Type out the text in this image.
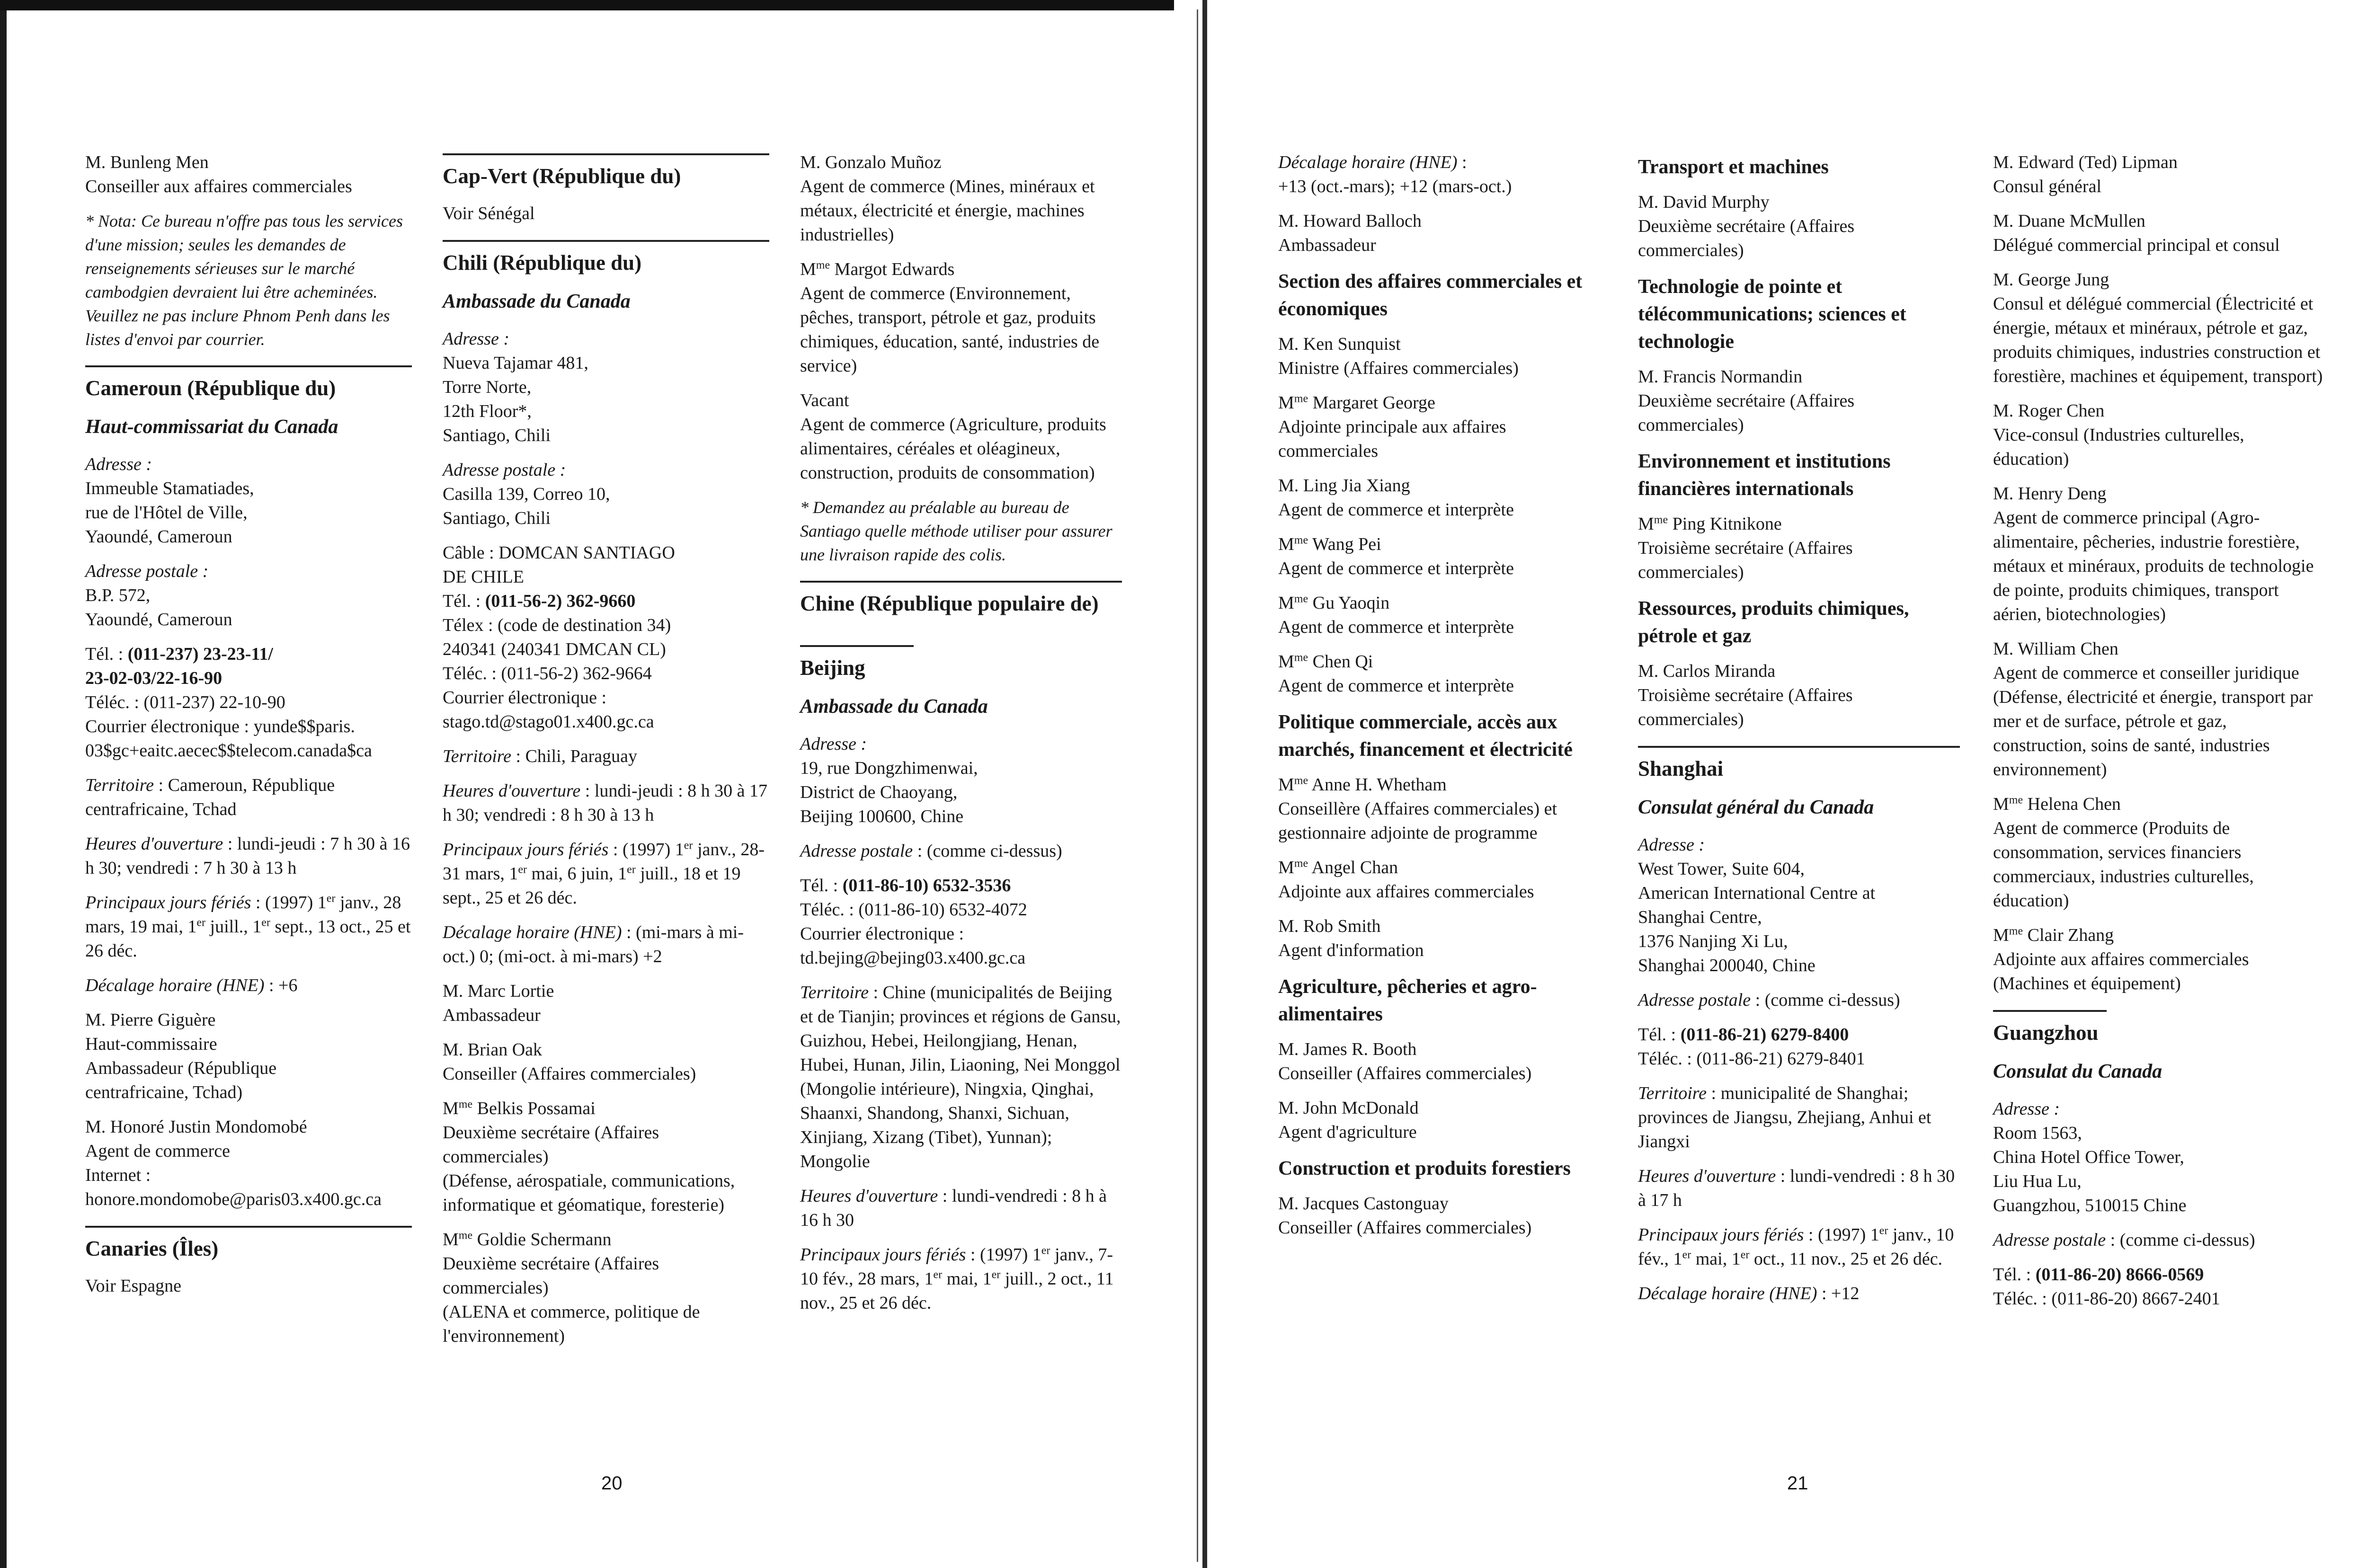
M. Bunleng Men
Conseiller aux affaires commerciales

* Nota: Ce bureau n'offre pas tous les services d'une mission; seules les demandes de renseignements sérieuses sur le marché cambodgien devraient lui être acheminées. Veuillez ne pas inclure Phnom Penh dans les listes d'envoi par courrier.

Cameroun (République du)
Haut-commissariat du Canada

Adresse :
Immeuble Stamatiades,
rue de l'Hôtel de Ville,
Yaoundé, Cameroun

Adresse postale :
B.P. 572,
Yaoundé, Cameroun

Tél. : (011-237) 23-23-11/
23-02-03/22-16-90
Téléc. : (011-237) 22-10-90
Courrier électronique : yunde$$paris.
03$gc+eaitc.aecec$$telecom.canada$ca

Territoire : Cameroun, République centrafricaine, Tchad

Heures d'ouverture : lundi-jeudi : 7 h 30 à 16 h 30; vendredi : 7 h 30 à 13 h

Principaux jours fériés : (1997) 1er janv., 28 mars, 19 mai, 1er juill., 1er sept., 13 oct., 25 et 26 déc.

Décalage horaire (HNE) : +6

M. Pierre Giguère
Haut-commissaire
Ambassadeur (République
centrafricaine, Tchad)

M. Honoré Justin Mondomobé
Agent de commerce
Internet :
honore.mondomobe@paris03.x400.gc.ca

Canaries (Îles)

Voir Espagne

Cap-Vert (République du)

Voir Sénégal

Chili (République du)
Ambassade du Canada

Adresse :
Nueva Tajamar 481,
Torre Norte,
12th Floor*,
Santiago, Chili

Adresse postale :
Casilla 139, Correo 10,
Santiago, Chili

Câble : DOMCAN SANTIAGO
DE CHILE
Tél. : (011-56-2) 362-9660
Télex : (code de destination 34)
240341 (240341 DMCAN CL)
Téléc. : (011-56-2) 362-9664
Courrier électronique :
stago.td@stago01.x400.gc.ca

Territoire : Chili, Paraguay

Heures d'ouverture : lundi-jeudi : 8 h 30 à 17 h 30; vendredi : 8 h 30 à 13 h

Principaux jours fériés : (1997) 1er janv., 28-31 mars, 1er mai, 6 juin, 1er juill., 18 et 19 sept., 25 et 26 déc.

Décalage horaire (HNE) : (mi-mars à mi-oct.) 0; (mi-oct. à mi-mars) +2

M. Marc Lortie
Ambassadeur

M. Brian Oak
Conseiller (Affaires commerciales)

$M^{me}$ Belkis Possamai
Deuxième secrétaire (Affaires commerciales)
(Défense, aérospatiale, communications, informatique et géomatique, foresterie)

$M^{me}$ Goldie Schermann
Deuxième secrétaire (Affaires commerciales)
(ALENA et commerce, politique de l'environnement)

M. Gonzalo Muñoz
Agent de commerce (Mines, minéraux et métaux, électricité et énergie, machines industrielles)

$M^{me}$ Margot Edwards
Agent de commerce (Environnement, pêches, transport, pétrole et gaz, produits chimiques, éducation, santé, industries de service)

Vacant
Agent de commerce (Agriculture, produits alimentaires, céréales et oléagineux, construction, produits de consommation)

* Demandez au préalable au bureau de Santiago quelle méthode utiliser pour assurer une livraison rapide des colis.

Chine (République populaire de)
Beijing
Ambassade du Canada

Adresse :
19, rue Dongzhimenwai,
District de Chaoyang,
Beijing 100600, Chine

Adresse postale : (comme ci-dessus)

Tél. : (011-86-10) 6532-3536
Téléc. : (011-86-10) 6532-4072
Courrier électronique :
td.bejing@bejing03.x400.gc.ca

Territoire : Chine (municipalités de Beijing et de Tianjin; provinces et régions de Gansu, Guizhou, Hebei, Heilongjiang, Henan, Hubei, Hunan, Jilin, Liaoning, Nei Monggol (Mongolie intérieure), Ningxia, Qinghai, Shaanxi, Shandong, Shanxi, Sichuan, Xinjiang, Xizang (Tibet), Yunnan); Mongolie

Heures d'ouverture : lundi-vendredi : 8 h à 16 h 30

Principaux jours fériés : (1997) 1er janv., 7-10 fév., 28 mars, 1er mai, 1er juill., 2 oct., 11 nov., 25 et 26 déc.

Décalage horaire (HNE) :
+13 (oct.-mars); +12 (mars-oct.)

M. Howard Balloch
Ambassadeur

Section des affaires commerciales et économiques

M. Ken Sunquist
Ministre (Affaires commerciales)

$M^{me}$ Margaret George
Adjointe principale aux affaires commerciales

M. Ling Jia Xiang
Agent de commerce et interprète

$M^{me}$ Wang Pei
Agent de commerce et interprète

$M^{me}$ Gu Yaoqin
Agent de commerce et interprète

$M^{me}$ Chen Qi
Agent de commerce et interprète

Politique commerciale, accès aux marchés, financement et électricité

$M^{me}$ Anne H. Whetham
Conseillère (Affaires commerciales) et gestionnaire adjointe de programme

$M^{me}$ Angel Chan
Adjointe aux affaires commerciales

M. Rob Smith
Agent d'information

Agriculture, pêcheries et agro-alimentaires

M. James R. Booth
Conseiller (Affaires commerciales)

M. John McDonald
Agent d'agriculture

Construction et produits forestiers

M. Jacques Castonguay
Conseiller (Affaires commerciales)

Transport et machines

M. David Murphy
Deuxième secrétaire (Affaires commerciales)

Technologie de pointe et télécommunications; sciences et technologie

M. Francis Normandin
Deuxième secrétaire (Affaires commerciales)

Environnement et institutions financières internationals

$M^{me}$ Ping Kitnikone
Troisième secrétaire (Affaires commerciales)

Ressources, produits chimiques, pétrole et gaz

M. Carlos Miranda
Troisième secrétaire (Affaires commerciales)

Shanghai
Consulat général du Canada

Adresse :
West Tower, Suite 604,
American International Centre at
Shanghai Centre,
1376 Nanjing Xi Lu,
Shanghai 200040, Chine

Adresse postale : (comme ci-dessus)

Tél. : (011-86-21) 6279-8400
Téléc. : (011-86-21) 6279-8401

Territoire : municipalité de Shanghai; provinces de Jiangsu, Zhejiang, Anhui et Jiangxi

Heures d'ouverture : lundi-vendredi : 8 h 30 à 17 h

Principaux jours fériés : (1997) 1er janv., 10 fév., 1er mai, 1er oct., 11 nov., 25 et 26 déc.

Décalage horaire (HNE) : +12

M. Edward (Ted) Lipman
Consul général

M. Duane McMullen
Délégué commercial principal et consul

M. George Jung
Consul et délégué commercial (Électricité et énergie, métaux et minéraux, pétrole et gaz, produits chimiques, industries construction et forestière, machines et équipement, transport)

M. Roger Chen
Vice-consul (Industries culturelles, éducation)

M. Henry Deng
Agent de commerce principal (Agro-alimentaire, pêcheries, industrie forestière, métaux et minéraux, produits de technologie de pointe, produits chimiques, transport aérien, biotechnologies)

M. William Chen
Agent de commerce et conseiller juridique
(Défense, électricité et énergie, transport par mer et de surface, pétrole et gaz, construction, soins de santé, industries environnement)

$M^{me}$ Helena Chen
Agent de commerce (Produits de consommation, services financiers commerciaux, industries culturelles, éducation)

$M^{me}$ Clair Zhang
Adjointe aux affaires commerciales
(Machines et équipement)

Guangzhou
Consulat du Canada

Adresse :
Room 1563,
China Hotel Office Tower,
Liu Hua Lu,
Guangzhou, 510015 Chine

Adresse postale : (comme ci-dessus)

Tél. : (011-86-20) 8666-0569
Téléc. : (011-86-20) 8667-2401

20	21
